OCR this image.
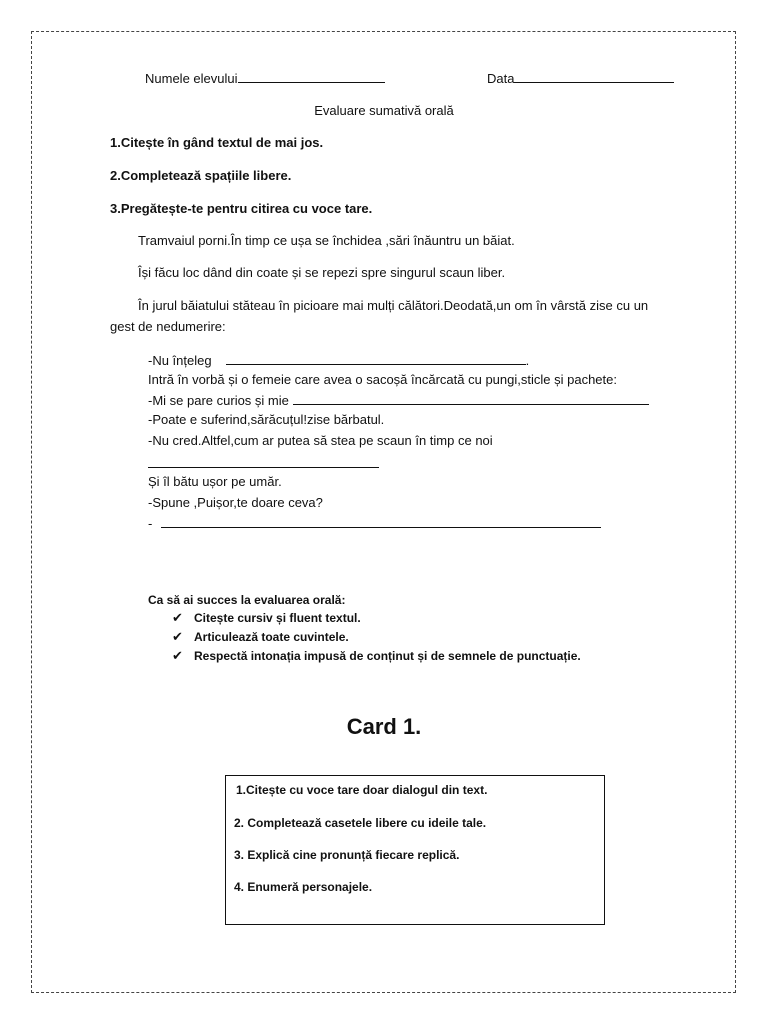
Numele elevului	Data
Evaluare sumativă orală
1.Citește în gând textul de mai jos.
2.Completează spațiile libere.
3.Pregătește-te pentru citirea cu voce tare.
Tramvaiul porni.În timp ce ușa se închidea ,sări înăuntru un băiat.
Își făcu loc dând din coate și se repezi spre singurul scaun liber.
În jurul băiatului stăteau în picioare mai mulți călători.Deodată,un om în vârstă zise cu un
gest de nedumerire:
-Nu înțeleg	.
Intră în vorbă și o femeie care avea o sacoșă încărcată cu pungi,sticle și pachete:
-Mi se pare curios și mie
-Poate e suferind,sărăcuțul!zise bărbatul.
-Nu cred.Altfel,cum ar putea să stea pe scaun în timp ce noi
Și îl bătu ușor pe umăr.
-Spune ,Puișor,te doare ceva?
-
Ca să ai succes la evaluarea orală:
✔ Citește cursiv și fluent textul.
✔ Articulează toate cuvintele.
✔ Respectă intonația impusă de conținut și de semnele de punctuație.
Card 1.
1.Citește cu voce tare doar dialogul din text.
2. Completează casetele libere cu ideile tale.
3. Explică cine pronunță fiecare replică.
4. Enumeră personajele.
